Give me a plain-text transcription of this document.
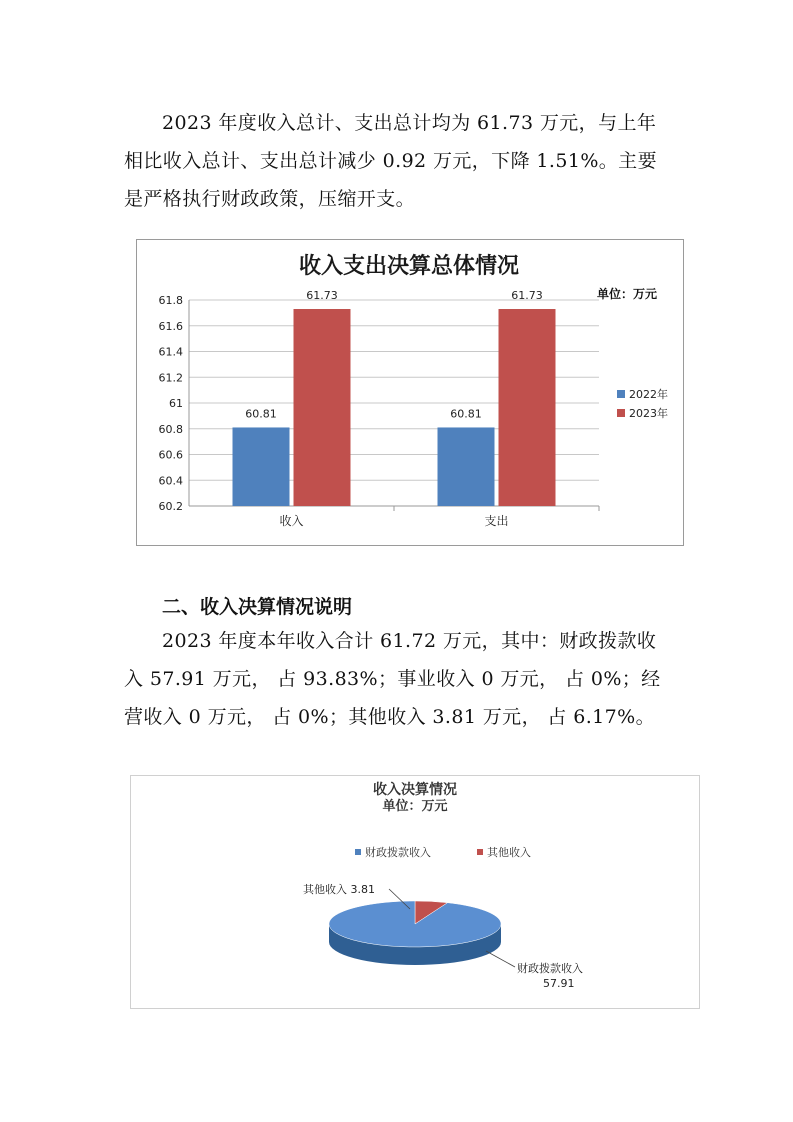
2023 年度收入总计、支出总计均为 61.73 万元，与上年相比收入总计、支出总计减少 0.92 万元，下降 1.51%。主要是严格执行财政政策，压缩开支。

收入支出决算总体情况
单位：万元
60.2
60.4
60.6
60.8
61
61.2
61.4
61.6
61.8
收入	支出
60.81
61.73
60.81
61.73
2022年
2023年
二、收入决算情况说明

2023 年度本年收入合计 61.72 万元，其中：财政拨款收入 57.91 万元， 占 93.83%；事业收入 0 万元， 占 0%；经营收入 0 万元， 占 0%；其他收入 3.81 万元， 占 6.17%。

收入决算情况
单位：万元
财政拨款收入	其他收入
其他收入 3.81
财政拨款收入
57.91
